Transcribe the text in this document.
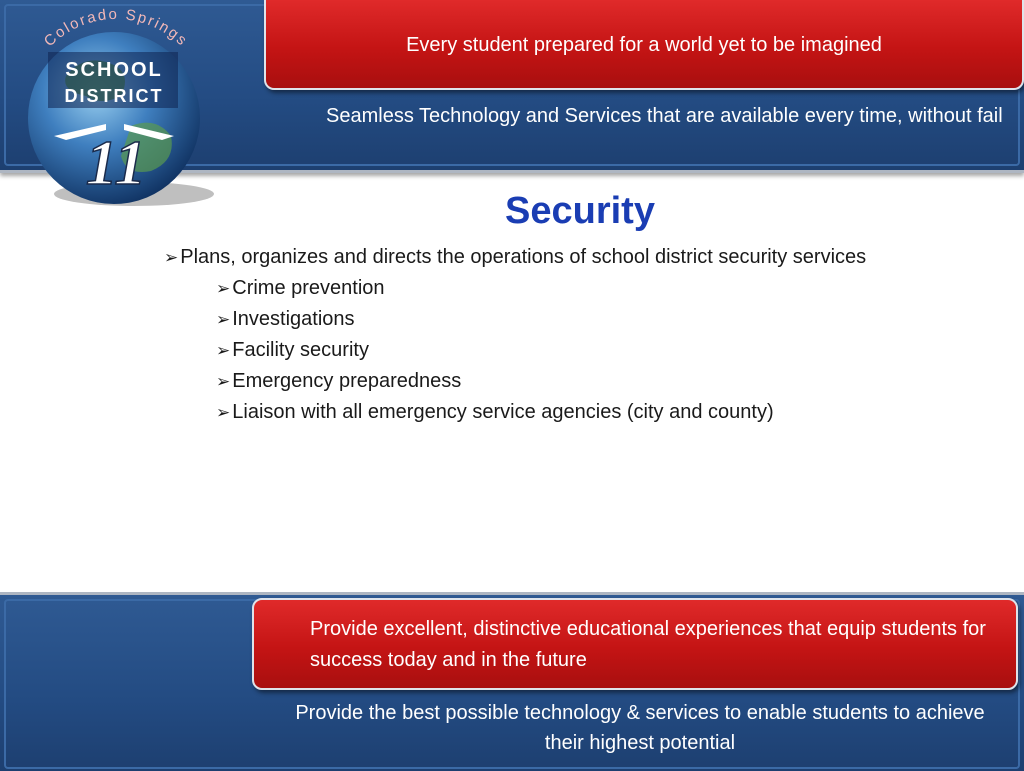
Every student prepared for a world yet to be imagined
Seamless Technology and Services that are available every time, without fail
Colorado Springs
SCHOOL
DISTRICT
11
Security
➢ Plans, organizes and directs the operations of school district security services
➢ Crime prevention
➢ Investigations
➢ Facility security
➢ Emergency preparedness
➢ Liaison with all emergency service agencies (city and county)
Provide excellent, distinctive educational experiences that equip students for success today and in the future
Provide the best possible technology & services to enable students to achieve their highest potential
